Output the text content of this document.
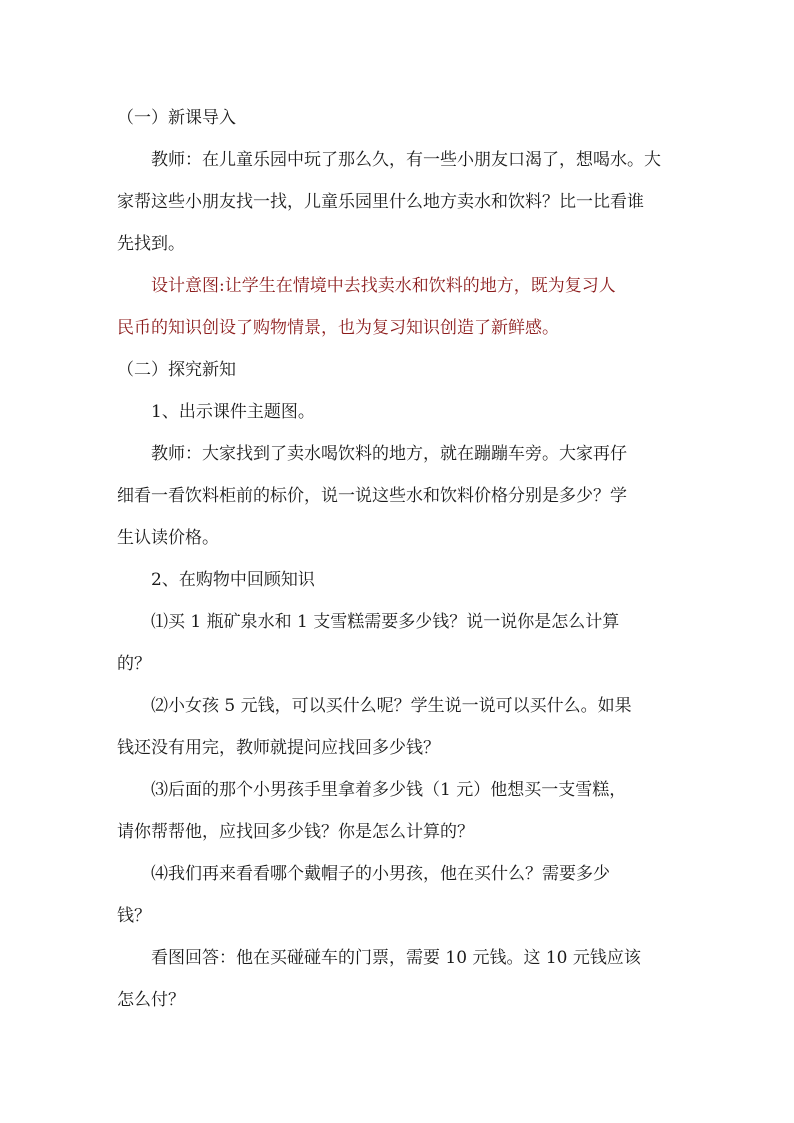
（一）新课导入

教师：在儿童乐园中玩了那么久，有一些小朋友口渴了，想喝水。大

家帮这些小朋友找一找，儿童乐园里什么地方卖水和饮料？比一比看谁

先找到。

设计意图:让学生在情境中去找卖水和饮料的地方，既为复习人

民币的知识创设了购物情景，也为复习知识创造了新鲜感。

（二）探究新知

1、出示课件主题图。

教师：大家找到了卖水喝饮料的地方，就在蹦蹦车旁。大家再仔

细看一看饮料柜前的标价，说一说这些水和饮料价格分别是多少？学

生认读价格。

2、在购物中回顾知识

⑴买 1 瓶矿泉水和 1 支雪糕需要多少钱？说一说你是怎么计算

的？

⑵小女孩 5 元钱，可以买什么呢？学生说一说可以买什么。如果

钱还没有用完，教师就提问应找回多少钱？

⑶后面的那个小男孩手里拿着多少钱（1 元）他想买一支雪糕，

请你帮帮他，应找回多少钱？你是怎么计算的？

⑷我们再来看看哪个戴帽子的小男孩，他在买什么？需要多少

钱？

看图回答：他在买碰碰车的门票，需要 10 元钱。这 10 元钱应该

怎么付？
